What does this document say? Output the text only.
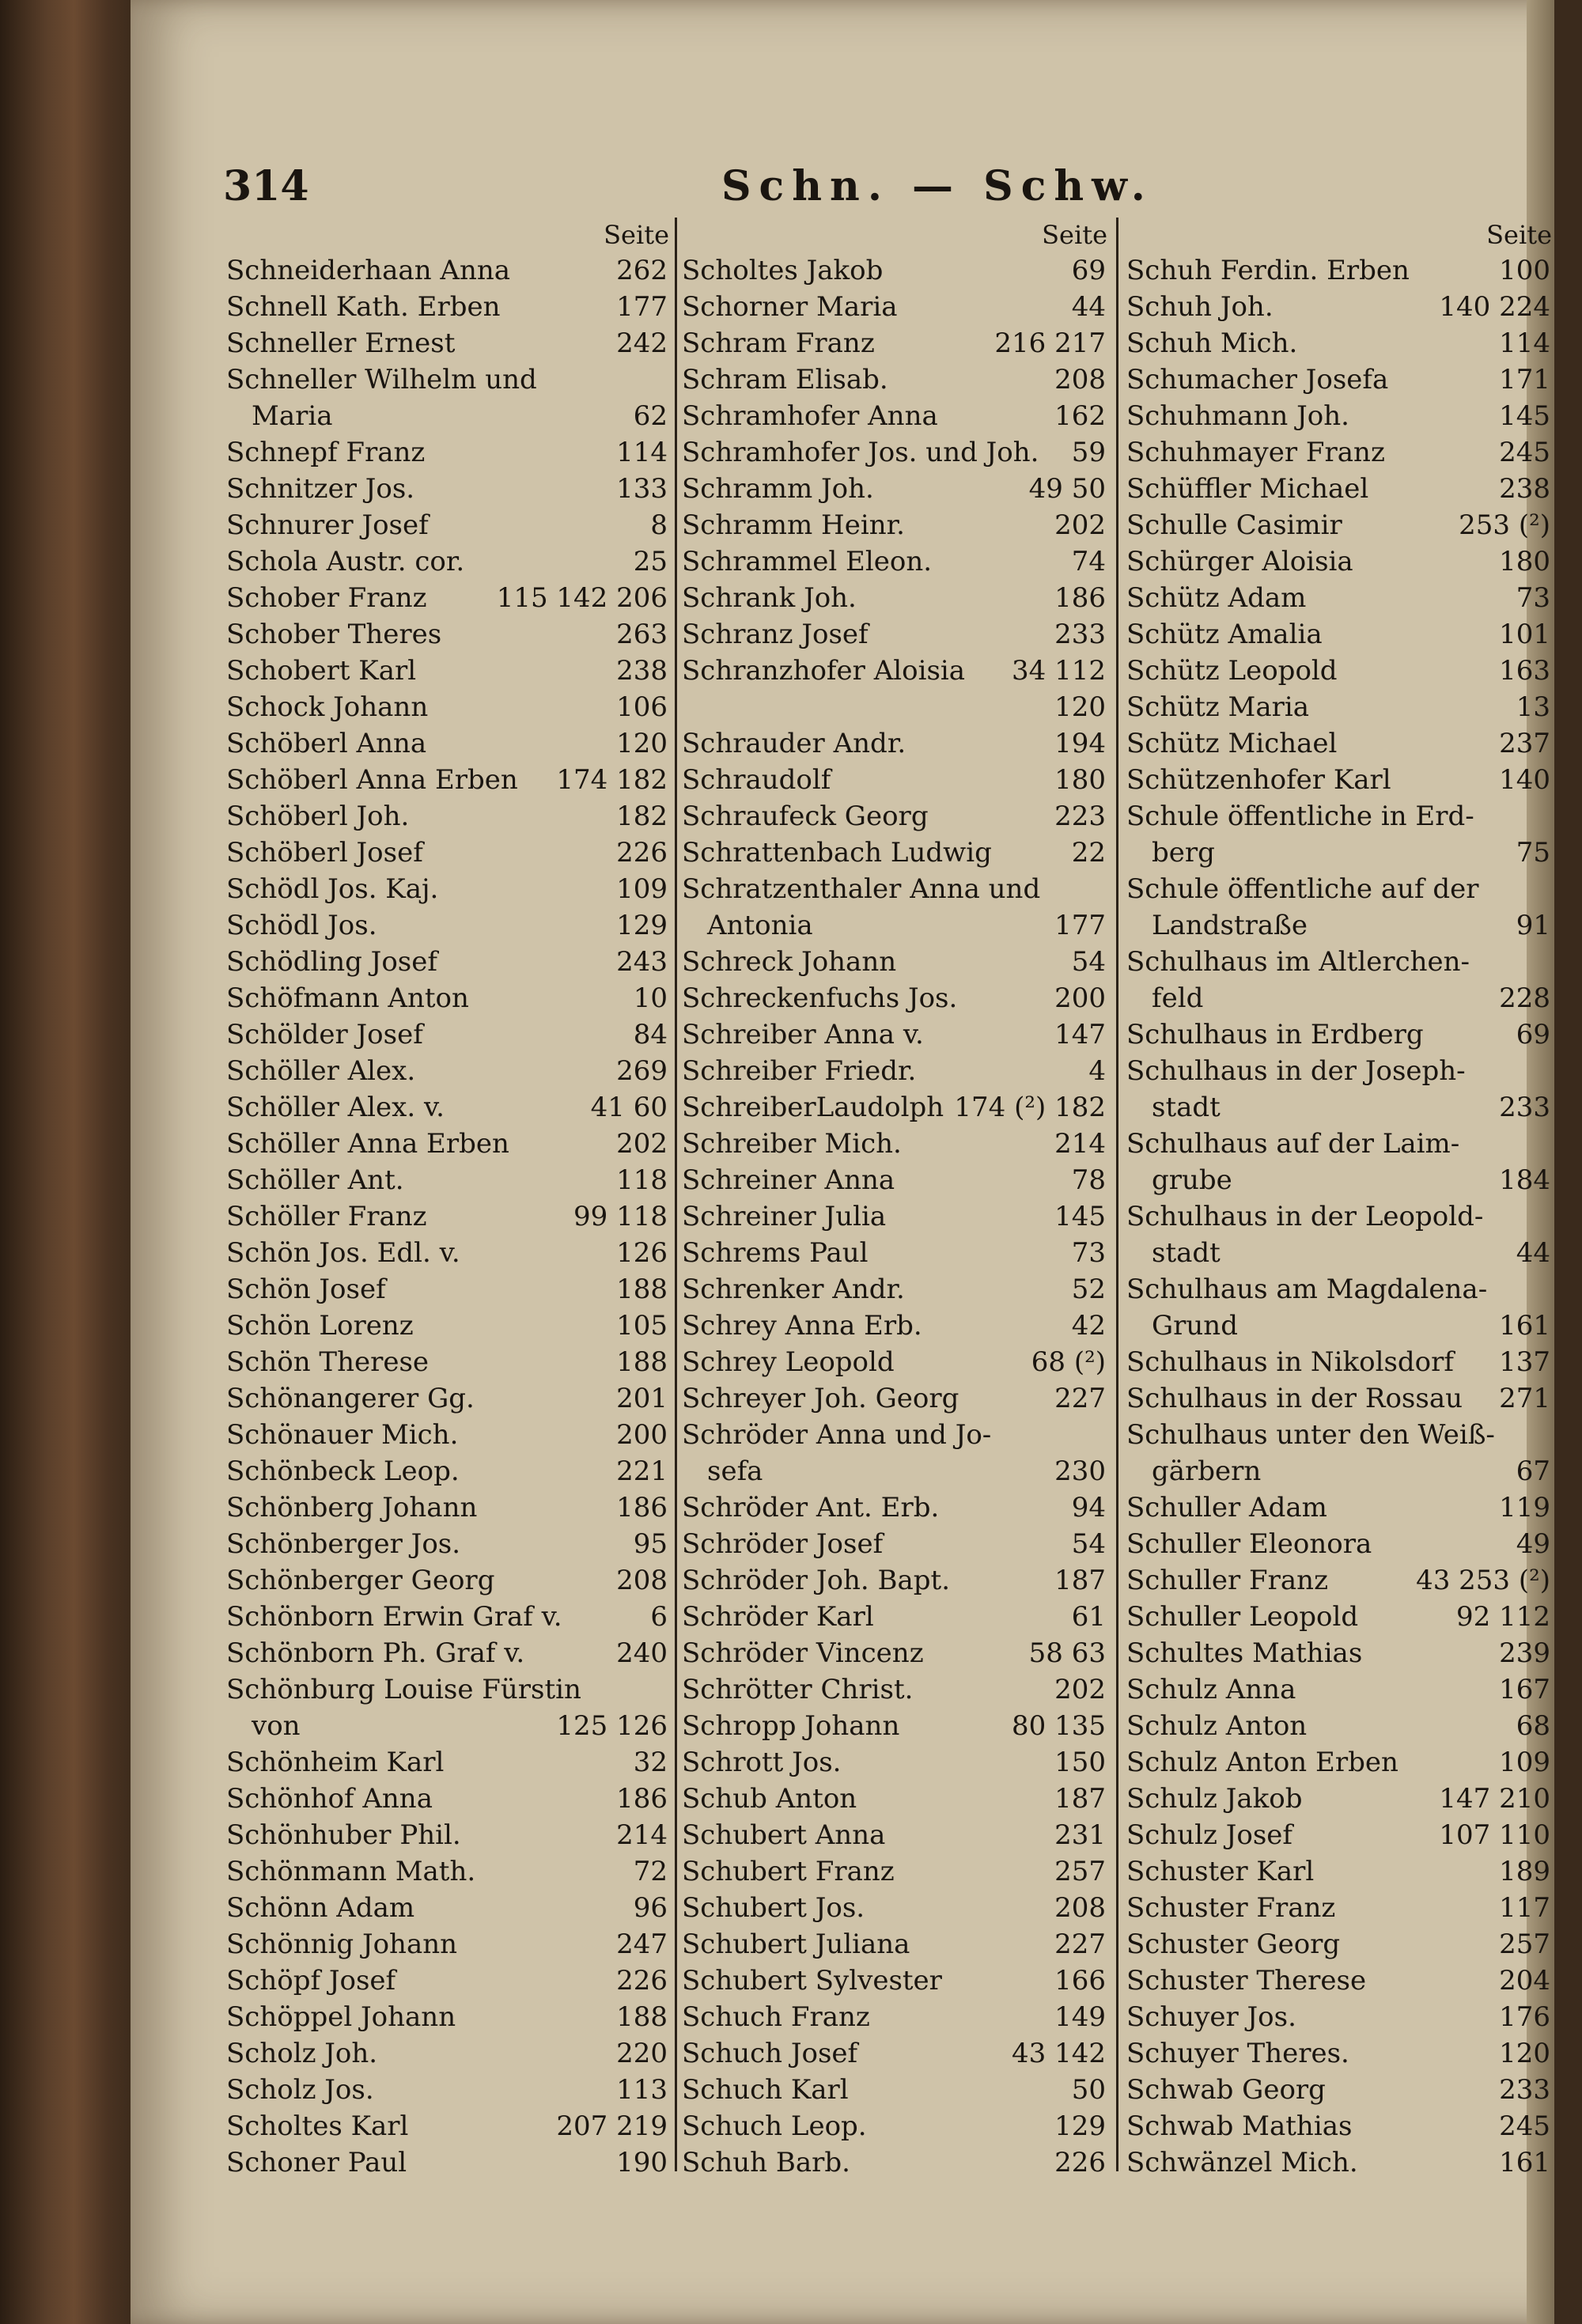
314	Schn. — Schw.
Seite
Schneiderhaan Anna	262
Schnell Kath. Erben	177
Schneller Ernest	242
Schneller Wilhelm und
Maria	62
Schnepf Franz	114
Schnitzer Jos.	133
Schnurer Josef	8
Schola Austr. cor.	25
Schober Franz	115 142 206
Schober Theres	263
Schobert Karl	238
Schock Johann	106
Schöberl Anna	120
Schöberl Anna Erben	174 182
Schöberl Joh.	182
Schöberl Josef	226
Schödl Jos. Kaj.	109
Schödl Jos.	129
Schödling Josef	243
Schöfmann Anton	10
Schölder Josef	84
Schöller Alex.	269
Schöller Alex. v.	41 60
Schöller Anna Erben	202
Schöller Ant.	118
Schöller Franz	99 118
Schön Jos. Edl. v.	126
Schön Josef	188
Schön Lorenz	105
Schön Therese	188
Schönangerer Gg.	201
Schönauer Mich.	200
Schönbeck Leop.	221
Schönberg Johann	186
Schönberger Jos.	95
Schönberger Georg	208
Schönborn Erwin Graf v.	6
Schönborn Ph. Graf v.	240
Schönburg Louise Fürstin
von	125 126
Schönheim Karl	32
Schönhof Anna	186
Schönhuber Phil.	214
Schönmann Math.	72
Schönn Adam	96
Schönnig Johann	247
Schöpf Josef	226
Schöppel Johann	188
Scholz Joh.	220
Scholz Jos.	113
Scholtes Karl	207 219
Schoner Paul	190
Seite
Scholtes Jakob	69
Schorner Maria	44
Schram Franz	216 217
Schram Elisab.	208
Schramhofer Anna	162
Schramhofer Jos. und Joh.	59
Schramm Joh.	49 50
Schramm Heinr.	202
Schrammel Eleon.	74
Schrank Joh.	186
Schranz Josef	233
Schranzhofer Aloisia	34 112
120
Schrauder Andr.	194
Schraudolf	180
Schraufeck Georg	223
Schrattenbach Ludwig	22
Schratzenthaler Anna und
Antonia	177
Schreck Johann	54
Schreckenfuchs Jos.	200
Schreiber Anna v.	147
Schreiber Friedr.	4
SchreiberLaudolph 174 (²) 182
Schreiber Mich.	214
Schreiner Anna	78
Schreiner Julia	145
Schrems Paul	73
Schrenker Andr.	52
Schrey Anna Erb.	42
Schrey Leopold	68 (²)
Schreyer Joh. Georg	227
Schröder Anna und Jo-
sefa	230
Schröder Ant. Erb.	94
Schröder Josef	54
Schröder Joh. Bapt.	187
Schröder Karl	61
Schröder Vincenz	58 63
Schrötter Christ.	202
Schropp Johann	80 135
Schrott Jos.	150
Schub Anton	187
Schubert Anna	231
Schubert Franz	257
Schubert Jos.	208
Schubert Juliana	227
Schubert Sylvester	166
Schuch Franz	149
Schuch Josef	43 142
Schuch Karl	50
Schuch Leop.	129
Schuh Barb.	226
Seite
Schuh Ferdin. Erben	100
Schuh Joh.	140 224
Schuh Mich.	114
Schumacher Josefa	171
Schuhmann Joh.	145
Schuhmayer Franz	245
Schüffler Michael	238
Schulle Casimir	253 (²)
Schürger Aloisia	180
Schütz Adam	73
Schütz Amalia	101
Schütz Leopold	163
Schütz Maria	13
Schütz Michael	237
Schützenhofer Karl	140
Schule öffentliche in Erd-
berg	75
Schule öffentliche auf der
Landstraße	91
Schulhaus im Altlerchen-
feld	228
Schulhaus in Erdberg	69
Schulhaus in der Joseph-
stadt	233
Schulhaus auf der Laim-
grube	184
Schulhaus in der Leopold-
stadt	44
Schulhaus am Magdalena-
Grund	161
Schulhaus in Nikolsdorf	137
Schulhaus in der Rossau	271
Schulhaus unter den Weiß-
gärbern	67
Schuller Adam	119
Schuller Eleonora	49
Schuller Franz	43 253 (²)
Schuller Leopold	92 112
Schultes Mathias	239
Schulz Anna	167
Schulz Anton	68
Schulz Anton Erben	109
Schulz Jakob	147 210
Schulz Josef	107 110
Schuster Karl	189
Schuster Franz	117
Schuster Georg	257
Schuster Therese	204
Schuyer Jos.	176
Schuyer Theres.	120
Schwab Georg	233
Schwab Mathias	245
Schwänzel Mich.	161
